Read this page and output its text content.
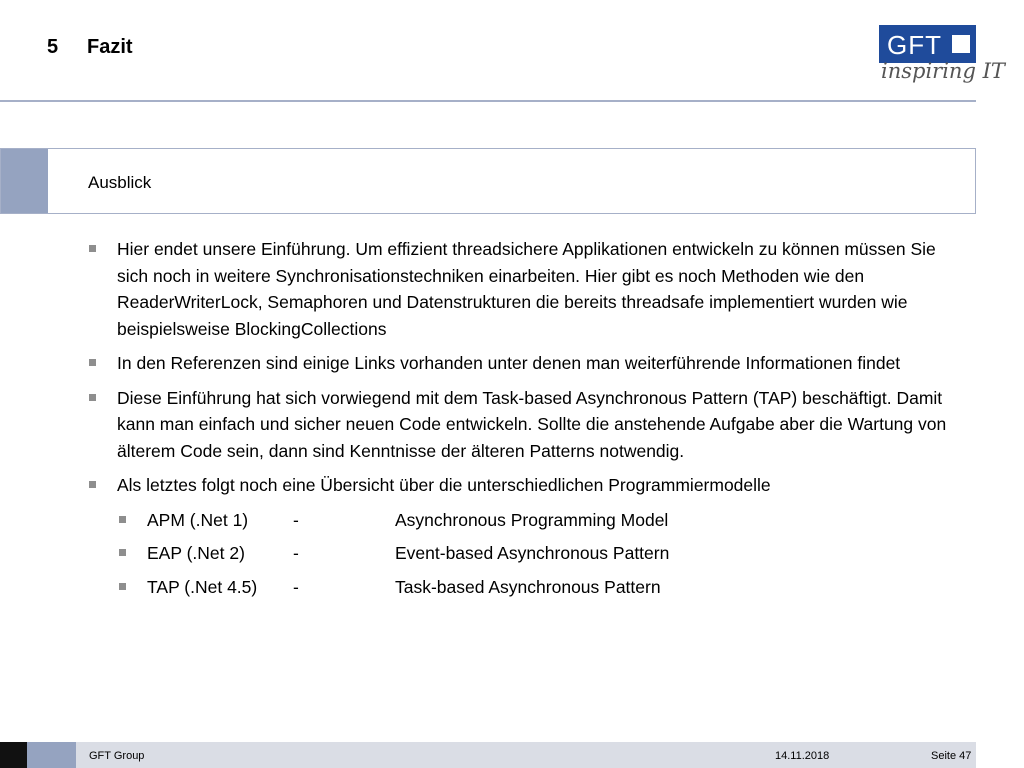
5 Fazit	GFT
inspiring IT
Ausblick
Hier endet unsere Einführung. Um effizient threadsichere Applikationen entwickeln zu können müssen Sie sich noch in weitere Synchronisationstechniken einarbeiten. Hier gibt es noch Methoden wie den ReaderWriterLock, Semaphoren und Datenstrukturen die bereits threadsafe implementiert wurden wie beispielsweise BlockingCollections
In den Referenzen sind einige Links vorhanden unter denen man weiterführende Informationen findet
Diese Einführung hat sich vorwiegend mit dem Task-based Asynchronous Pattern (TAP) beschäftigt. Damit kann man einfach und sicher neuen Code entwickeln. Sollte die anstehende Aufgabe aber die Wartung von älterem Code sein, dann sind Kenntnisse der älteren Patterns notwendig.
Als letztes folgt noch eine Übersicht über die unterschiedlichen Programmiermodelle
APM (.Net 1)	-	Asynchronous Programming Model
EAP (.Net 2)	-	Event-based Asynchronous Pattern
TAP (.Net 4.5) -	Task-based Asynchronous Pattern
GFT Group	14.11.2018	Seite 47
